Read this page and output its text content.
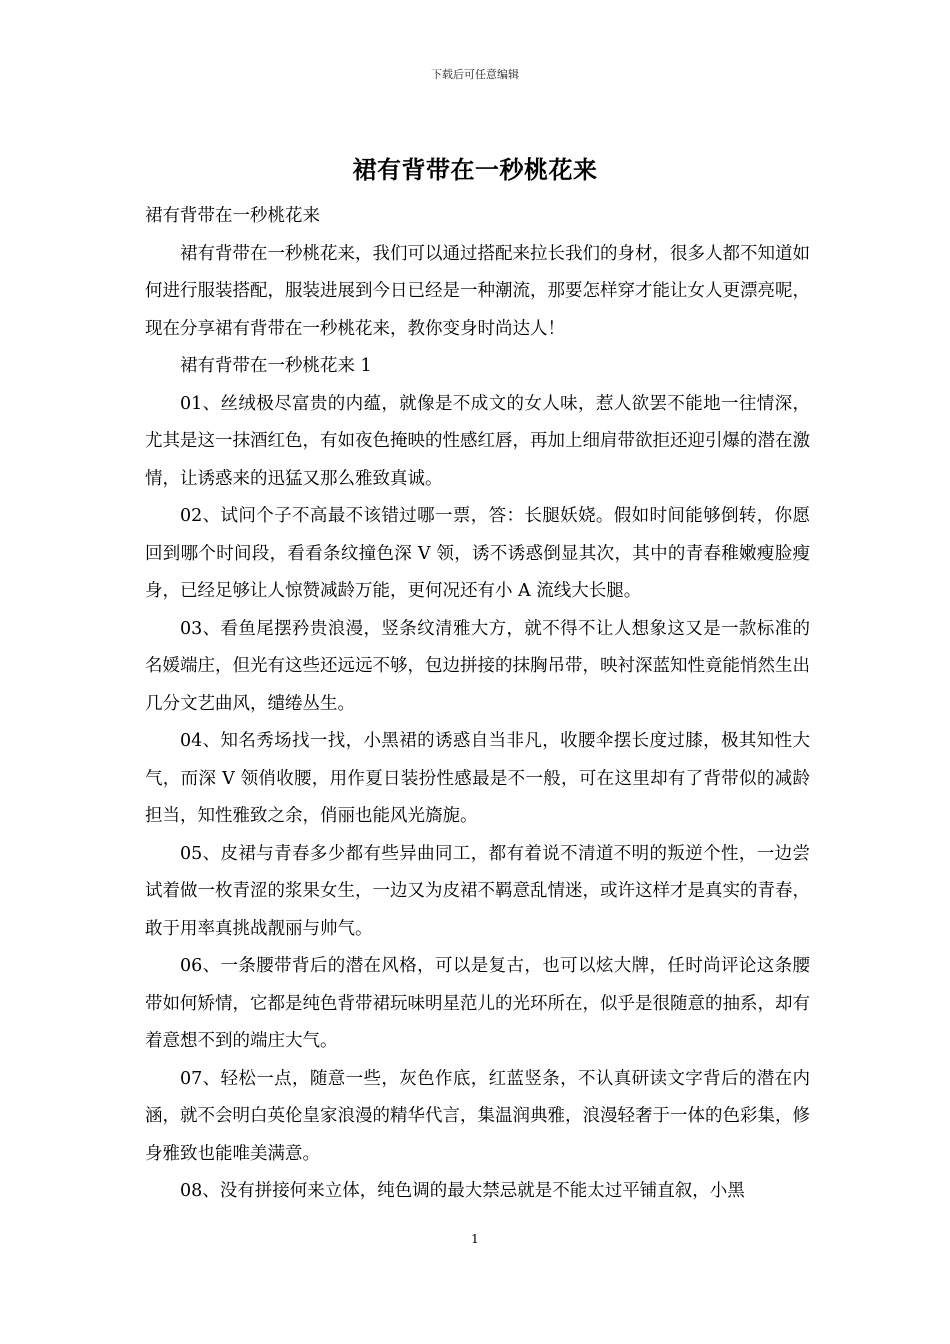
下载后可任意编辑
裙有背带在一秒桃花来

裙有背带在一秒桃花来

裙有背带在一秒桃花来，我们可以通过搭配来拉长我们的身材，很多人都不知道如何进行服装搭配，服装进展到今日已经是一种潮流，那要怎样穿才能让女人更漂亮呢，现在分享裙有背带在一秒桃花来，教你变身时尚达人！

裙有背带在一秒桃花来 1

01、丝绒极尽富贵的内蕴，就像是不成文的女人味，惹人欲罢不能地一往情深，尤其是这一抹酒红色，有如夜色掩映的性感红唇，再加上细肩带欲拒还迎引爆的潜在激情，让诱惑来的迅猛又那么雅致真诚。

02、试问个子不高最不该错过哪一票，答：长腿妖娆。假如时间能够倒转，你愿回到哪个时间段，看看条纹撞色深 V 领，诱不诱惑倒显其次，其中的青春稚嫩瘦脸瘦身，已经足够让人惊赞减龄万能，更何况还有小 A 流线大长腿。

03、看鱼尾摆矜贵浪漫，竖条纹清雅大方，就不得不让人想象这又是一款标准的名媛端庄，但光有这些还远远不够，包边拼接的抹胸吊带，映衬深蓝知性竟能悄然生出几分文艺曲风，缱绻丛生。

04、知名秀场找一找，小黑裙的诱惑自当非凡，收腰伞摆长度过膝，极其知性大气，而深 V 领俏收腰，用作夏日装扮性感最是不一般，可在这里却有了背带似的减龄担当，知性雅致之余，俏丽也能风光旖旎。

05、皮裙与青春多少都有些异曲同工，都有着说不清道不明的叛逆个性，一边尝试着做一枚青涩的浆果女生，一边又为皮裙不羁意乱情迷，或许这样才是真实的青春，敢于用率真挑战靓丽与帅气。

06、一条腰带背后的潜在风格，可以是复古，也可以炫大牌，任时尚评论这条腰带如何矫情，它都是纯色背带裙玩味明星范儿的光环所在，似乎是很随意的抽系，却有着意想不到的端庄大气。

07、轻松一点，随意一些，灰色作底，红蓝竖条，不认真研读文字背后的潜在内涵，就不会明白英伦皇家浪漫的精华代言，集温润典雅，浪漫轻奢于一体的色彩集，修身雅致也能唯美满意。

08、没有拼接何来立体，纯色调的最大禁忌就是不能太过平铺直叙，小黑

1
